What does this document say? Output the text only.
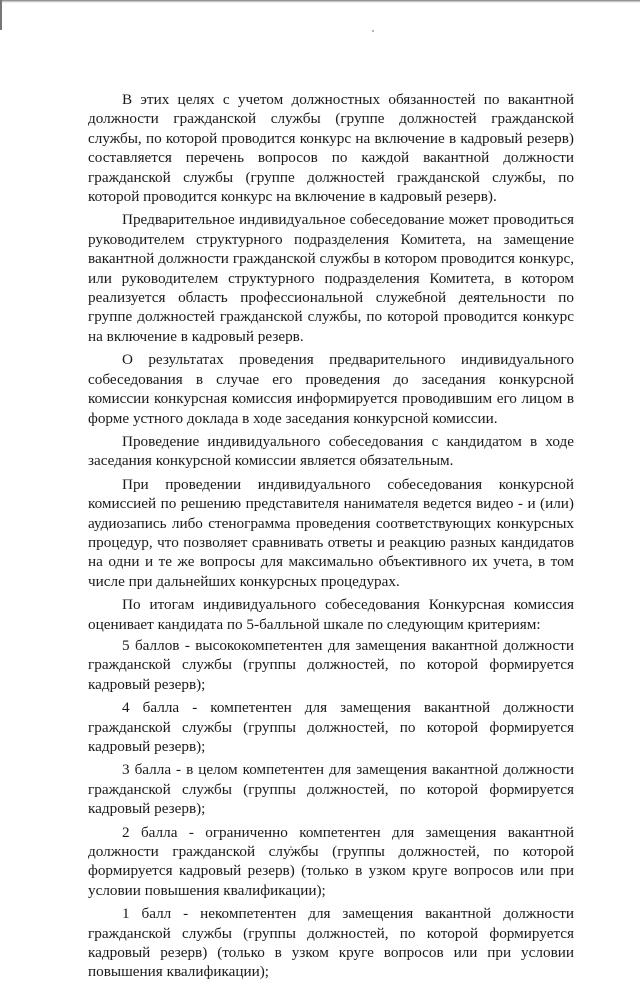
В этих целях с учетом должностных обязанностей по вакантной должности гражданской службы (группе должностей гражданской службы, по которой проводится конкурс на включение в кадровый резерв) составляется перечень вопросов по каждой вакантной должности гражданской службы (группе должностей гражданской службы, по которой проводится конкурс на включение в кадровый резерв).

Предварительное индивидуальное собеседование может проводиться руководителем структурного подразделения Комитета, на замещение вакантной должности гражданской службы в котором проводится конкурс, или руководителем структурного подразделения Комитета, в котором реализуется область профессиональной служебной деятельности по группе должностей гражданской службы, по которой проводится конкурс на включение в кадровый резерв.

О результатах проведения предварительного индивидуального собеседования в случае его проведения до заседания конкурсной комиссии конкурсная комиссия информируется проводившим его лицом в форме устного доклада в ходе заседания конкурсной комиссии.

Проведение индивидуального собеседования с кандидатом в ходе заседания конкурсной комиссии является обязательным.

При проведении индивидуального собеседования конкурсной комиссией по решению представителя нанимателя ведется видео - и (или) аудиозапись либо стенограмма проведения соответствующих конкурсных процедур, что позволяет сравнивать ответы и реакцию разных кандидатов на одни и те же вопросы для максимально объективного их учета, в том числе при дальнейших конкурсных процедурах.

По итогам индивидуального собеседования Конкурсная комиссия оценивает кандидата по 5-балльной шкале по следующим критериям:

5 баллов - высококомпетентен для замещения вакантной должности гражданской службы (группы должностей, по которой формируется кадровый резерв);

4 балла - компетентен для замещения вакантной должности гражданской службы (группы должностей, по которой формируется кадровый резерв);

3 балла - в целом компетентен для замещения вакантной должности гражданской службы (группы должностей, по которой формируется кадровый резерв);

2 балла - ограниченно компетентен для замещения вакантной должности гражданской службы (группы должностей, по которой формируется кадровый резерв) (только в узком круге вопросов или при условии повышения квалификации);

1 балл - некомпетентен для замещения вакантной должности гражданской службы (группы должностей, по которой формируется кадровый резерв) (только в узком круге вопросов или при условии повышения квалификации);
